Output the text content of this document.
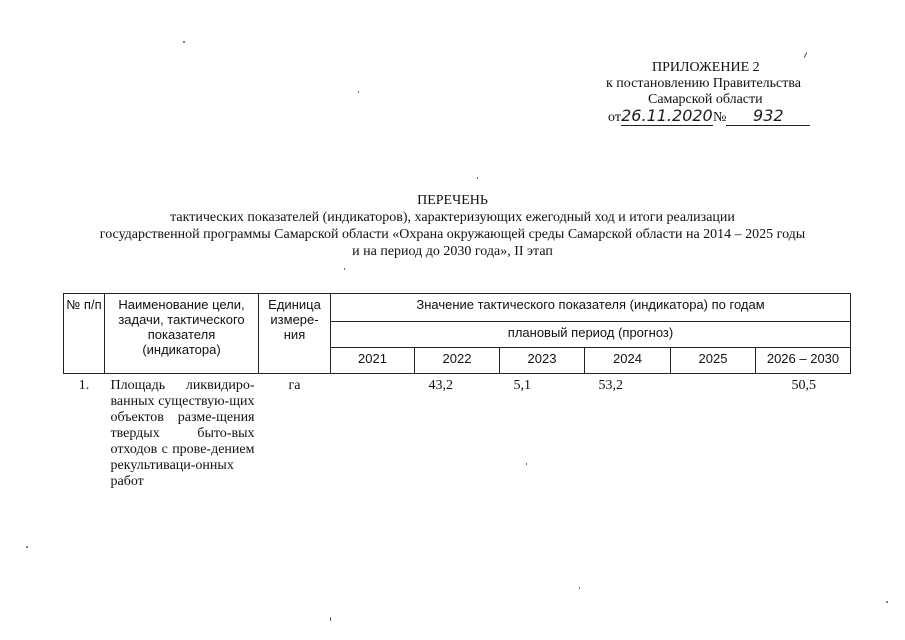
ПРИЛОЖЕНИЕ 2
к постановлению Правительства
Самарской области
от26.11.2020№ 932
ПЕРЕЧЕНЬ
тактических показателей (индикаторов), характеризующих ежегодный ход и итоги реализации
государственной программы Самарской области «Охрана окружающей среды Самарской области на 2014 – 2025 годы
и на период до 2030 года», II этап
№ п/п	Наименование цели, задачи, тактического показателя (индикатора)	Единица измере-ния	Значение тактического показателя (индикатора) по годам					
			плановый период (прогноз)					
			2021	2022	2023	2024	2025	2026 – 2030
1.	Площадь ликвидиро-ванных существую-щих объектов разме-щения твердых быто-вых отходов с прове-дением рекультиваци-онных работ	га		43,2	5,1	53,2		50,5
